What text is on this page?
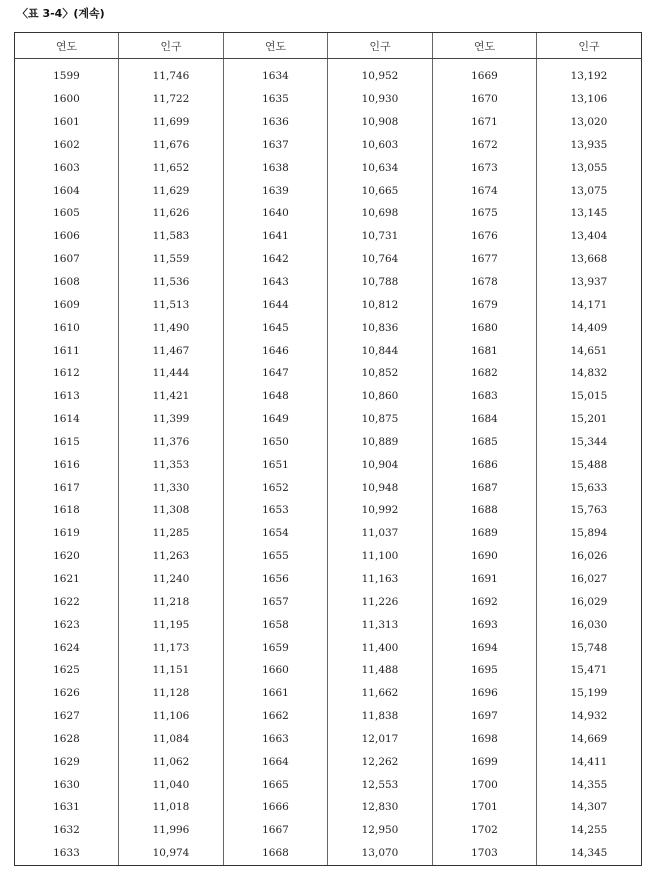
〈표 3-4〉(계속)
연도	인구	연도	인구	연도	인구
1599	11,746	1634	10,952	1669	13,192
1600	11,722	1635	10,930	1670	13,106
1601	11,699	1636	10,908	1671	13,020
1602	11,676	1637	10,603	1672	13,935
1603	11,652	1638	10,634	1673	13,055
1604	11,629	1639	10,665	1674	13,075
1605	11,626	1640	10,698	1675	13,145
1606	11,583	1641	10,731	1676	13,404
1607	11,559	1642	10,764	1677	13,668
1608	11,536	1643	10,788	1678	13,937
1609	11,513	1644	10,812	1679	14,171
1610	11,490	1645	10,836	1680	14,409
1611	11,467	1646	10,844	1681	14,651
1612	11,444	1647	10,852	1682	14,832
1613	11,421	1648	10,860	1683	15,015
1614	11,399	1649	10,875	1684	15,201
1615	11,376	1650	10,889	1685	15,344
1616	11,353	1651	10,904	1686	15,488
1617	11,330	1652	10,948	1687	15,633
1618	11,308	1653	10,992	1688	15,763
1619	11,285	1654	11,037	1689	15,894
1620	11,263	1655	11,100	1690	16,026
1621	11,240	1656	11,163	1691	16,027
1622	11,218	1657	11,226	1692	16,029
1623	11,195	1658	11,313	1693	16,030
1624	11,173	1659	11,400	1694	15,748
1625	11,151	1660	11,488	1695	15,471
1626	11,128	1661	11,662	1696	15,199
1627	11,106	1662	11,838	1697	14,932
1628	11,084	1663	12,017	1698	14,669
1629	11,062	1664	12,262	1699	14,411
1630	11,040	1665	12,553	1700	14,355
1631	11,018	1666	12,830	1701	14,307
1632	11,996	1667	12,950	1702	14,255
1633	10,974	1668	13,070	1703	14,345
